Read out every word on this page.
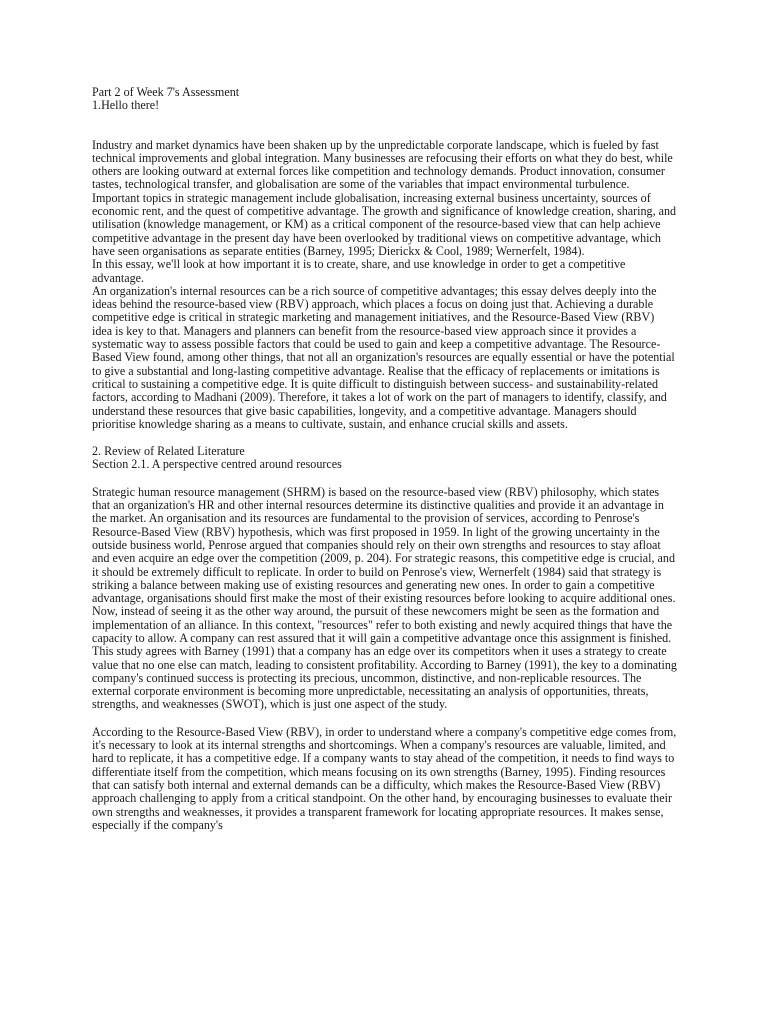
Part 2 of Week 7's Assessment

1.Hello there!

Industry and market dynamics have been shaken up by the unpredictable corporate landscape, which is fueled by fast technical improvements and global integration. Many businesses are refocusing their efforts on what they do best, while others are looking outward at external forces like competition and technology demands. Product innovation, consumer tastes, technological transfer, and globalisation are some of the variables that impact environmental turbulence.

Important topics in strategic management include globalisation, increasing external business uncertainty, sources of economic rent, and the quest of competitive advantage. The growth and significance of knowledge creation, sharing, and utilisation (knowledge management, or KM) as a critical component of the resource-based view that can help achieve competitive advantage in the present day have been overlooked by traditional views on competitive advantage, which have seen organisations as separate entities (Barney, 1995; Dierickx & Cool, 1989; Wernerfelt, 1984).

In this essay, we'll look at how important it is to create, share, and use knowledge in order to get a competitive advantage.

An organization's internal resources can be a rich source of competitive advantages; this essay delves deeply into the ideas behind the resource-based view (RBV) approach, which places a focus on doing just that. Achieving a durable competitive edge is critical in strategic marketing and management initiatives, and the Resource-Based View (RBV) idea is key to that. Managers and planners can benefit from the resource-based view approach since it provides a systematic way to assess possible factors that could be used to gain and keep a competitive advantage. The Resource-Based View found, among other things, that not all an organization's resources are equally essential or have the potential to give a substantial and long-lasting competitive advantage. Realise that the efficacy of replacements or imitations is critical to sustaining a competitive edge. It is quite difficult to distinguish between success- and sustainability-related factors, according to Madhani (2009). Therefore, it takes a lot of work on the part of managers to identify, classify, and understand these resources that give basic capabilities, longevity, and a competitive advantage. Managers should prioritise knowledge sharing as a means to cultivate, sustain, and enhance crucial skills and assets.

2. Review of Related Literature

Section 2.1. A perspective centred around resources

Strategic human resource management (SHRM) is based on the resource-based view (RBV) philosophy, which states that an organization's HR and other internal resources determine its distinctive qualities and provide it an advantage in the market. An organisation and its resources are fundamental to the provision of services, according to Penrose's Resource-Based View (RBV) hypothesis, which was first proposed in 1959. In light of the growing uncertainty in the outside business world, Penrose argued that companies should rely on their own strengths and resources to stay afloat and even acquire an edge over the competition (2009, p. 204). For strategic reasons, this competitive edge is crucial, and it should be extremely difficult to replicate. In order to build on Penrose's view, Wernerfelt (1984) said that strategy is striking a balance between making use of existing resources and generating new ones. In order to gain a competitive advantage, organisations should first make the most of their existing resources before looking to acquire additional ones. Now, instead of seeing it as the other way around, the pursuit of these newcomers might be seen as the formation and implementation of an alliance. In this context, "resources" refer to both existing and newly acquired things that have the capacity to allow. A company can rest assured that it will gain a competitive advantage once this assignment is finished. This study agrees with Barney (1991) that a company has an edge over its competitors when it uses a strategy to create value that no one else can match, leading to consistent profitability. According to Barney (1991), the key to a dominating company's continued success is protecting its precious, uncommon, distinctive, and non-replicable resources. The external corporate environment is becoming more unpredictable, necessitating an analysis of opportunities, threats, strengths, and weaknesses (SWOT), which is just one aspect of the study.

According to the Resource-Based View (RBV), in order to understand where a company's competitive edge comes from, it's necessary to look at its internal strengths and shortcomings. When a company's resources are valuable, limited, and hard to replicate, it has a competitive edge. If a company wants to stay ahead of the competition, it needs to find ways to differentiate itself from the competition, which means focusing on its own strengths (Barney, 1995). Finding resources that can satisfy both internal and external demands can be a difficulty, which makes the Resource-Based View (RBV) approach challenging to apply from a critical standpoint. On the other hand, by encouraging businesses to evaluate their own strengths and weaknesses, it provides a transparent framework for locating appropriate resources. It makes sense, especially if the company's
